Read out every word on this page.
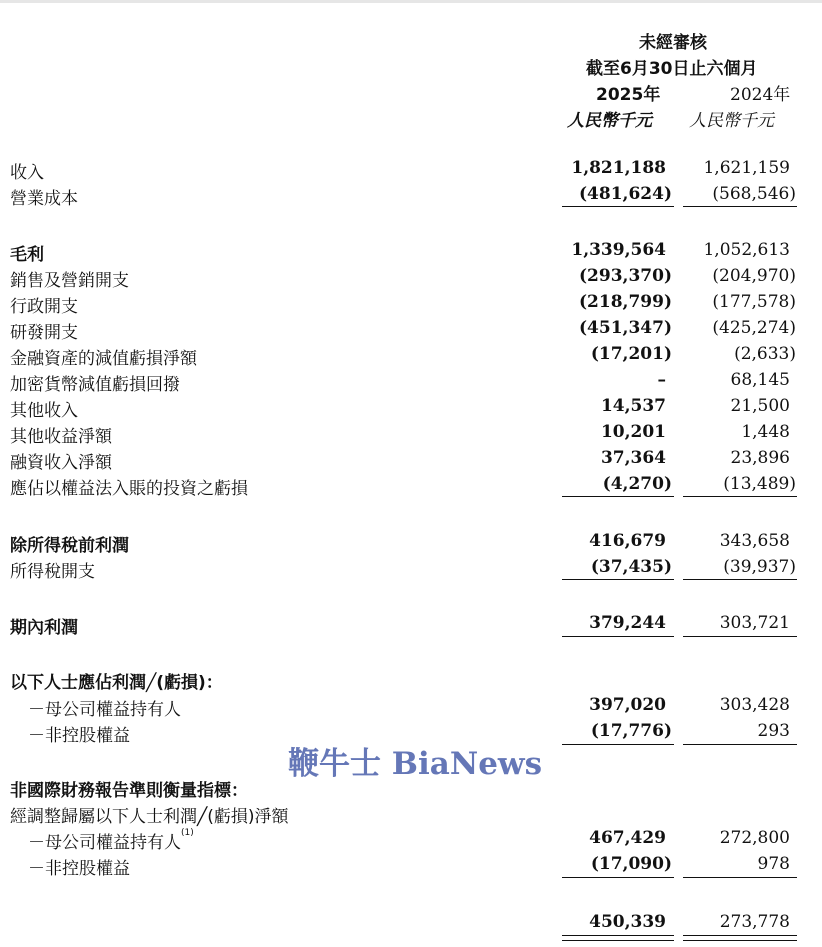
未經審核
截至6月30日止六個月
2025年	2024年
人民幣千元 人民幣千元
收入	1,821,188 1,621,159
營業成本	(481,624) (568,546)
毛利	1,339,564 1,052,613
銷售及營銷開支	(293,370) (204,970)
行政開支	(218,799) (177,578)
研發開支	(451,347) (425,274)
金融資產的減值虧損淨額	(17,201)	(2,633)
加密貨幣減值虧損回撥	–	68,145
其他收入	14,537	21,500
其他收益淨額	10,201	1,448
融資收入淨額	37,364	23,896
應佔以權益法入賬的投資之虧損	(4,270)	(13,489)
除所得稅前利潤	416,679	343,658
所得稅開支	(37,435)	(39,937)
期內利潤	379,244	303,721
以下人士應佔利潤╱(虧損)：
－母公司權益持有人	397,020	303,428
－非控股權益	(17,776)	293
鞭牛士 BiaNews
非國際財務報告準則衡量指標：
經調整歸屬以下人士利潤╱(虧損)淨額
－母公司權益持有人$^{(1)}$	467,429	272,800
－非控股權益	(17,090)	978
450,339	273,778
